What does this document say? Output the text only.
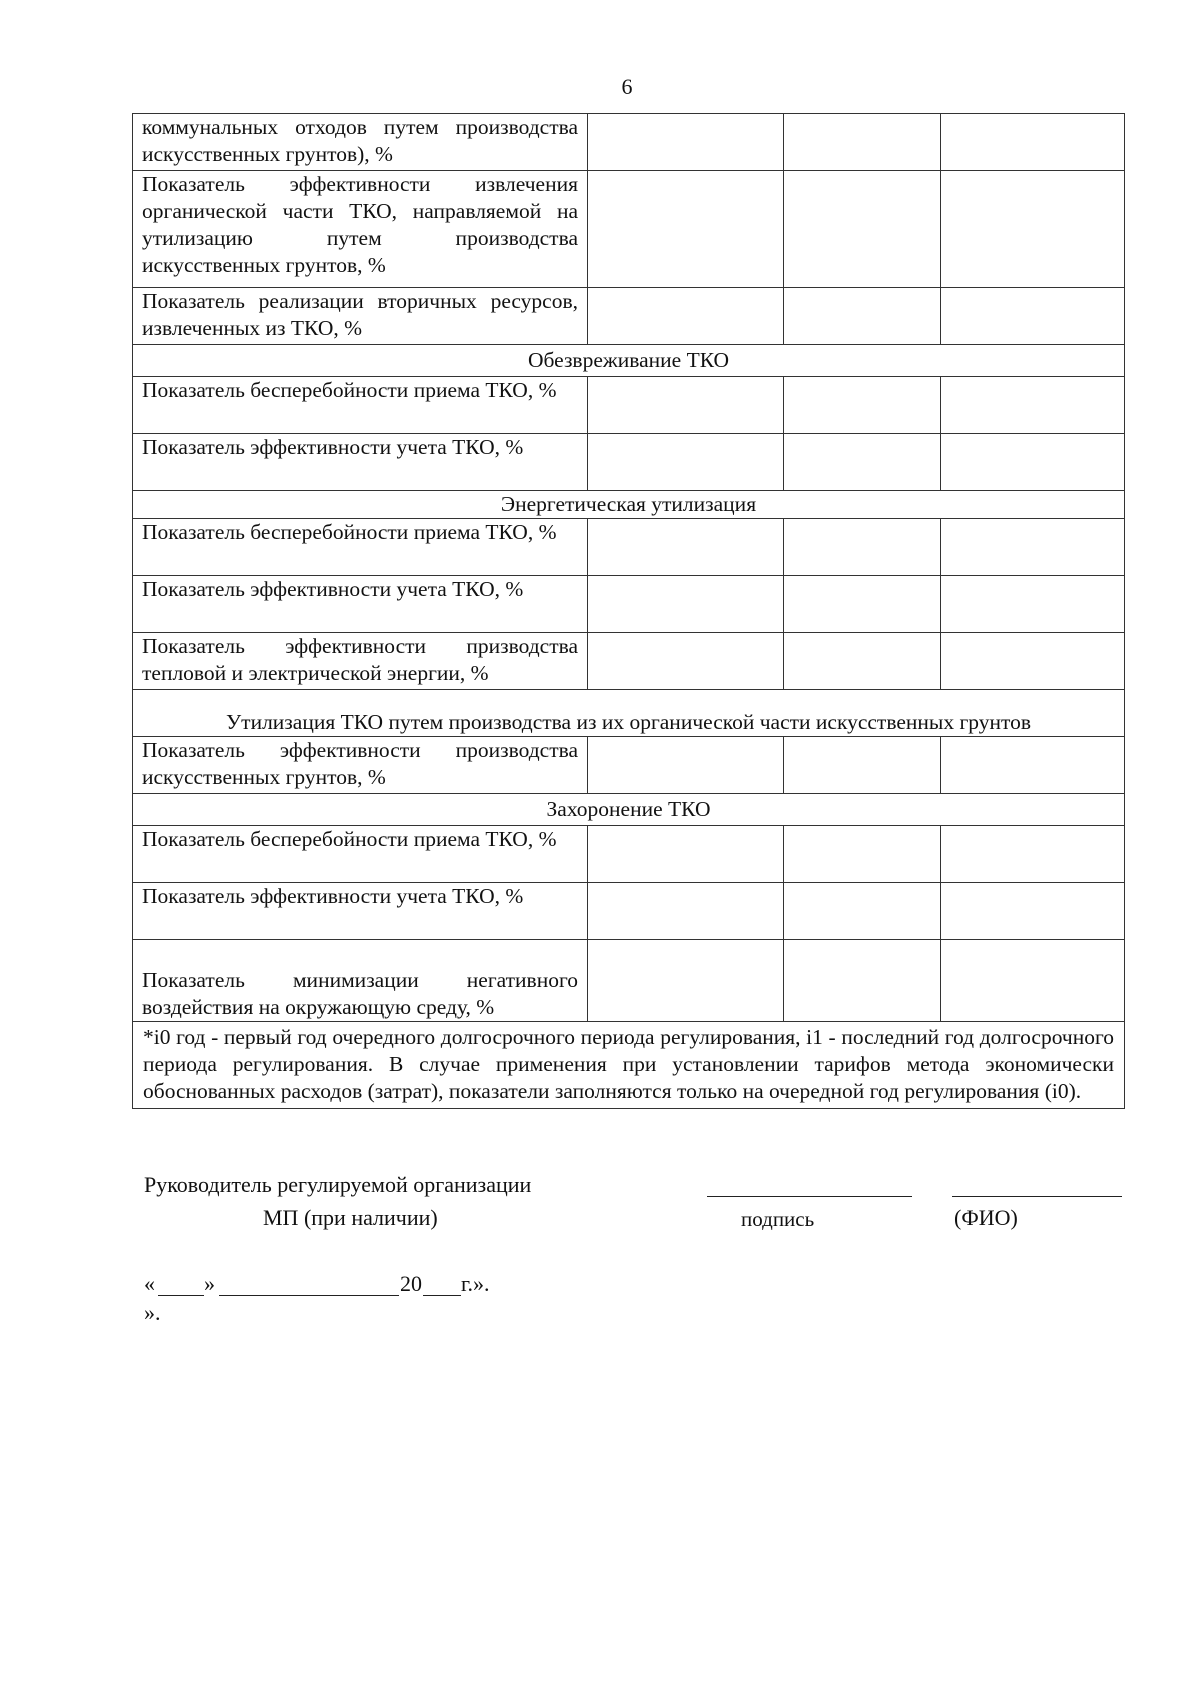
6
коммунальных отходов путем производства искусственных грунтов), %			
Показатель эффективности извлечения органической части ТКО, направляемой на утилизацию путем производства искусственных грунтов, %			
Показатель реализации вторичных ресурсов, извлеченных из ТКО, %			
Обезвреживание ТКО			
Показатель бесперебойности приема ТКО, %			
Показатель эффективности учета ТКО, %			
Энергетическая утилизация			
Показатель бесперебойности приема ТКО, %			
Показатель эффективности учета ТКО, %			
Показатель эффективности призводства тепловой и электрической энергии, %			
Утилизация ТКО путем производства из их органической части искусственных грунтов			
Показатель эффективности производства искусственных грунтов, %			
Захоронение ТКО			
Показатель бесперебойности приема ТКО, %			
Показатель эффективности учета ТКО, %			
Показатель минимизации негативного воздействия на окружающую среду, %			
*i0 год - первый год очередного долгосрочного периода регулирования, i1 - последний год долгосрочного периода регулирования. В случае применения при установлении тарифов метода экономически обоснованных расходов (затрат), показатели заполняются только на очередной год регулирования (i0).			
Руководитель регулируемой организации
МП (при наличии)	подпись	(ФИО)
« »	20 г.».
».
